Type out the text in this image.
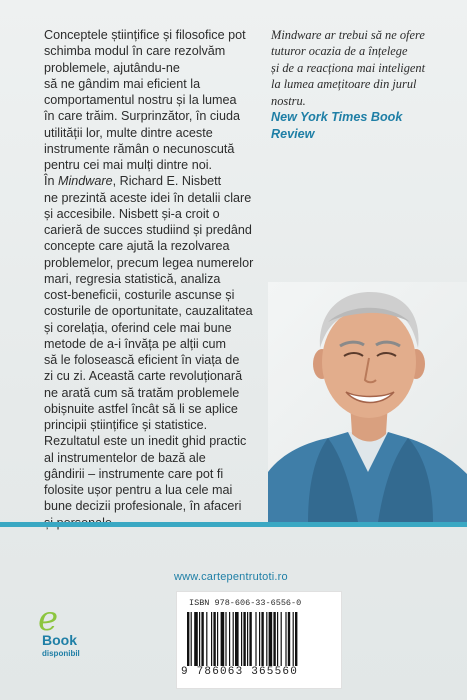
Conceptele științifice și filosofice pot
schimba modul în care rezolvăm
problemele, ajutându-ne
să ne gândim mai eficient la
comportamentul nostru și la lumea
în care trăim. Surprinzător, în ciuda
utilității lor, multe dintre aceste
instrumente rămân o necunoscută
pentru cei mai mulți dintre noi.
În Mindware, Richard E. Nisbett
ne prezintă aceste idei în detalii clare
și accesibile. Nisbett și-a croit o
carieră de succes studiind și predând
concepte care ajută la rezolvarea
problemelor, precum legea numerelor
mari, regresia statistică, analiza
cost-beneficii, costurile ascunse și
costurile de oportunitate, cauzalitatea
și corelația, oferind cele mai bune
metode de a-i învăța pe alții cum
să le folosească eficient în viața de
zi cu zi. Această carte revoluționară
ne arată cum să tratăm problemele
obișnuite astfel încât să li se aplice
principii științifice și statistice.
Rezultatul este un inedit ghid practic
al instrumentelor de bază ale
gândirii – instrumente care pot fi
folosite ușor pentru a lua cele mai
bune decizii profesionale, în afaceri
Mindware ar trebui să ne ofere
tuturor ocazia de a înțelege
și de a reacționa mai inteligent
la lumea amețitoare din jurul
nostru.
New York Times Book
Review
www.cartepentrutoti.ro
e
Book
disponibil
ISBN 978-606-33-6556-0
9 786063 365560
